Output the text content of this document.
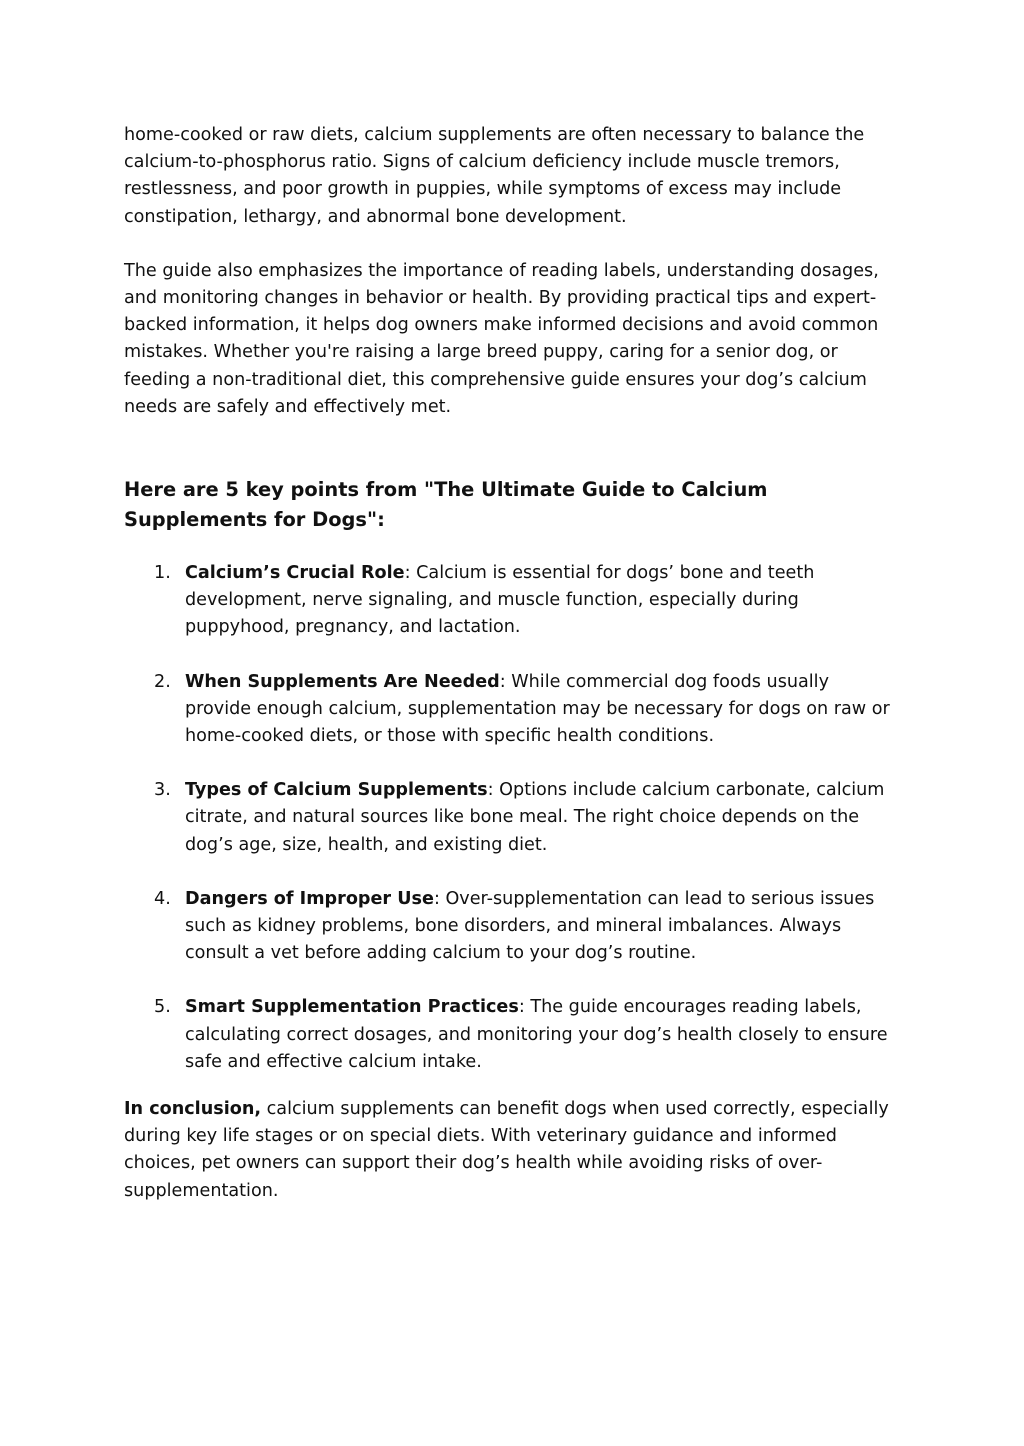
home-cooked or raw diets, calcium supplements are often necessary to balance the calcium-to-phosphorus ratio. Signs of calcium deficiency include muscle tremors, restlessness, and poor growth in puppies, while symptoms of excess may include constipation, lethargy, and abnormal bone development.

The guide also emphasizes the importance of reading labels, understanding dosages, and monitoring changes in behavior or health. By providing practical tips and expert-backed information, it helps dog owners make informed decisions and avoid common mistakes. Whether you're raising a large breed puppy, caring for a senior dog, or feeding a non-traditional diet, this comprehensive guide ensures your dog’s calcium needs are safely and effectively met.

Here are 5 key points from "The Ultimate Guide to Calcium Supplements for Dogs":
1. Calcium’s Crucial Role: Calcium is essential for dogs’ bone and teeth development, nerve signaling, and muscle function, especially during puppyhood, pregnancy, and lactation.
2. When Supplements Are Needed: While commercial dog foods usually provide enough calcium, supplementation may be necessary for dogs on raw or home-cooked diets, or those with specific health conditions.
3. Types of Calcium Supplements: Options include calcium carbonate, calcium citrate, and natural sources like bone meal. The right choice depends on the dog’s age, size, health, and existing diet.
4. Dangers of Improper Use: Over-supplementation can lead to serious issues such as kidney problems, bone disorders, and mineral imbalances. Always consult a vet before adding calcium to your dog’s routine.
5. Smart Supplementation Practices: The guide encourages reading labels, calculating correct dosages, and monitoring your dog’s health closely to ensure safe and effective calcium intake.

In conclusion, calcium supplements can benefit dogs when used correctly, especially during key life stages or on special diets. With veterinary guidance and informed choices, pet owners can support their dog’s health while avoiding risks of over-supplementation.
